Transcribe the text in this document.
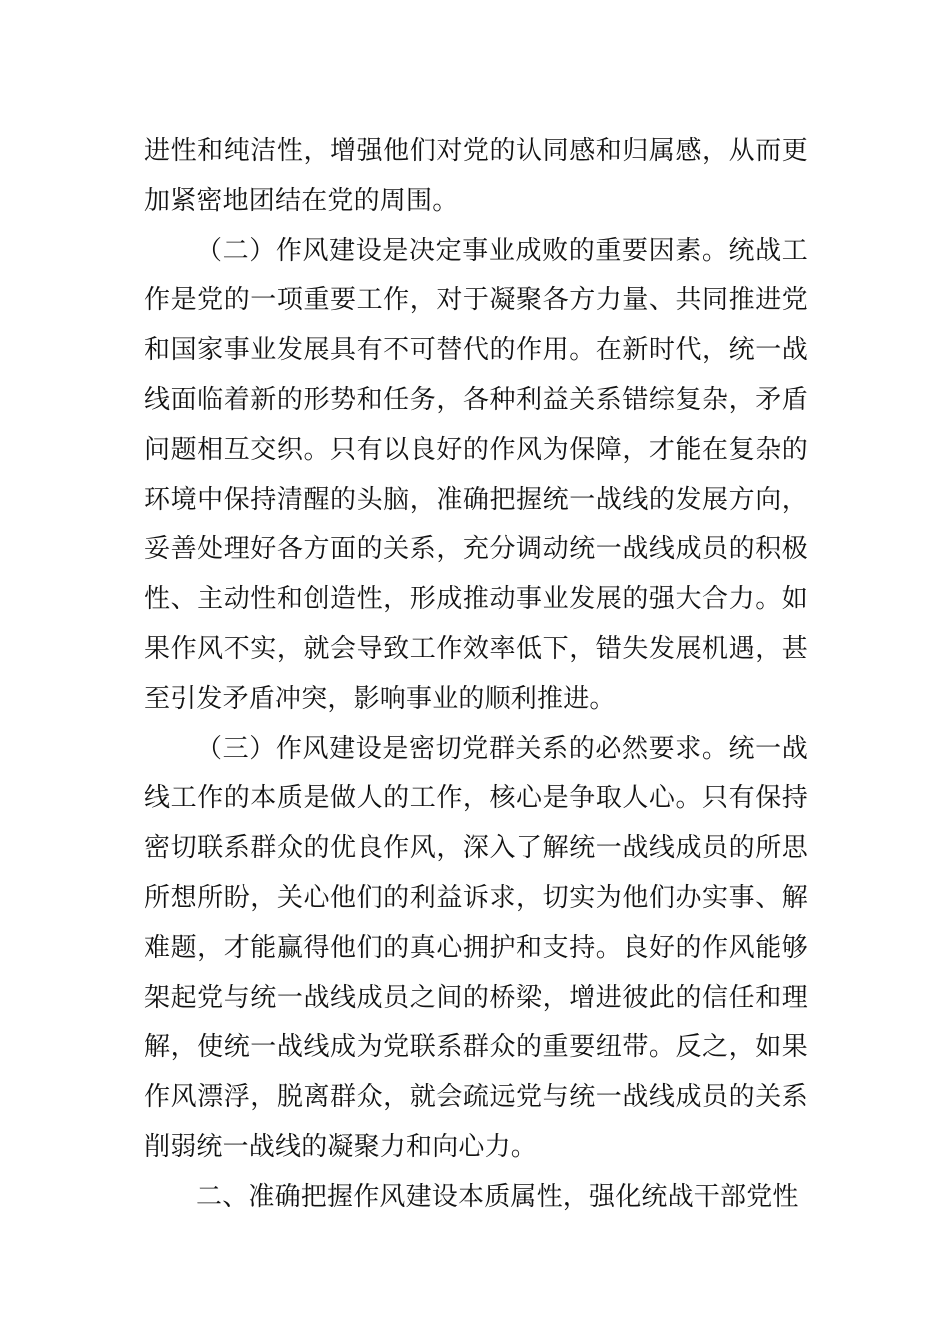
进性和纯洁性，增强他们对党的认同感和归属感，从而更加紧密地团结在党的周围。

（二）作风建设是决定事业成败的重要因素。统战工作是党的一项重要工作，对于凝聚各方力量、共同推进党和国家事业发展具有不可替代的作用。在新时代，统一战线面临着新的形势和任务，各种利益关系错综复杂，矛盾问题相互交织。只有以良好的作风为保障，才能在复杂的环境中保持清醒的头脑，准确把握统一战线的发展方向，妥善处理好各方面的关系，充分调动统一战线成员的积极性、主动性和创造性，形成推动事业发展的强大合力。如果作风不实，就会导致工作效率低下，错失发展机遇，甚至引发矛盾冲突，影响事业的顺利推进。

（三）作风建设是密切党群关系的必然要求。统一战线工作的本质是做人的工作，核心是争取人心。只有保持密切联系群众的优良作风，深入了解统一战线成员的所思所想所盼，关心他们的利益诉求，切实为他们办实事、解难题，才能赢得他们的真心拥护和支持。良好的作风能够架起党与统一战线成员之间的桥梁，增进彼此的信任和理解，使统一战线成为党联系群众的重要纽带。反之，如果作风漂浮，脱离群众，就会疏远党与统一战线成员的关系削弱统一战线的凝聚力和向心力。

二、准确把握作风建设本质属性，强化统战干部党性
